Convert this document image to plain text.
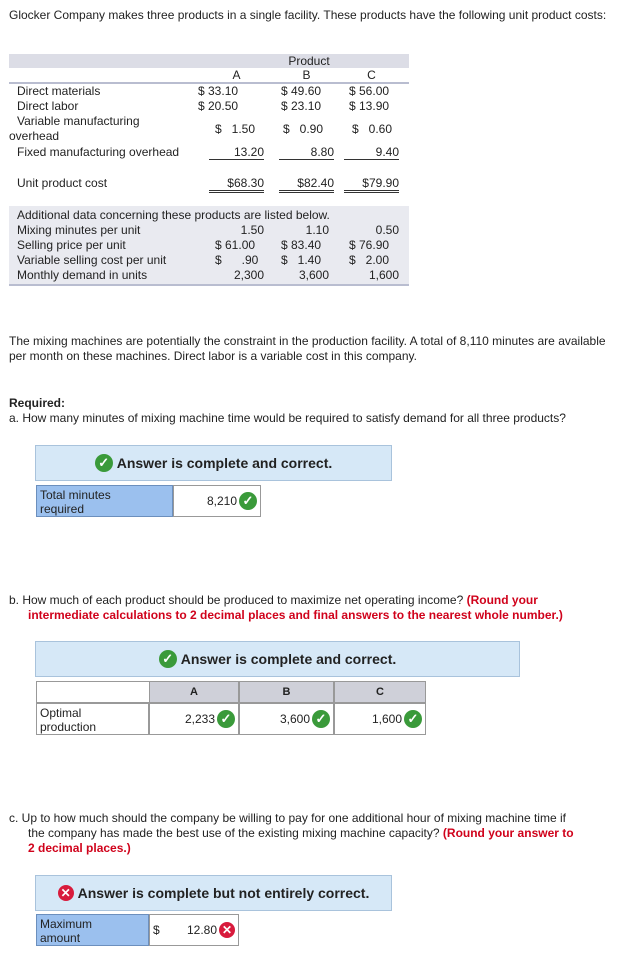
Glocker Company makes three products in a single facility. These products have the following unit product costs:
Product
A	B	C
Direct materials	$ 33.10	$ 49.60 $ 56.00
Direct labor	$ 20.50	$ 23.10 $ 13.90
Variable manufacturing
overhead	$   1.50 $   0.90 $   0.60
Fixed manufacturing overhead	13.20	8.80	9.40
Unit product cost	$68.30	$82.40	$79.90
Additional data concerning these products are listed below.
Mixing minutes per unit	1.50	1.10	0.50
Selling price per unit	$ 61.00 $ 83.40 $ 76.90
Variable selling cost per unit	$      .90 $   1.40 $   2.00
Monthly demand in units	2,300	3,600	1,600
The mixing machines are potentially the constraint in the production facility. A total of 8,110 minutes are available per month on these machines. Direct labor is a variable cost in this company.
Required:
a. How many minutes of mixing machine time would be required to satisfy demand for all three products?
✓ Answer is complete and correct.
Total minutes
required
8,210 ✓
b. How much of each product should be produced to maximize net operating income? (Round your
intermediate calculations to 2 decimal places and final answers to the nearest whole number.)
✓ Answer is complete and correct.
A	B	C
Optimal
production
2,233 ✓	3,600 ✓	1,600 ✓
c. Up to how much should the company be willing to pay for one additional hour of mixing machine time if
the company has made the best use of the existing mixing machine capacity? (Round your answer to
2 decimal places.)
✕ Answer is complete but not entirely correct.
Maximum
amount
$ 12.80 ✕
